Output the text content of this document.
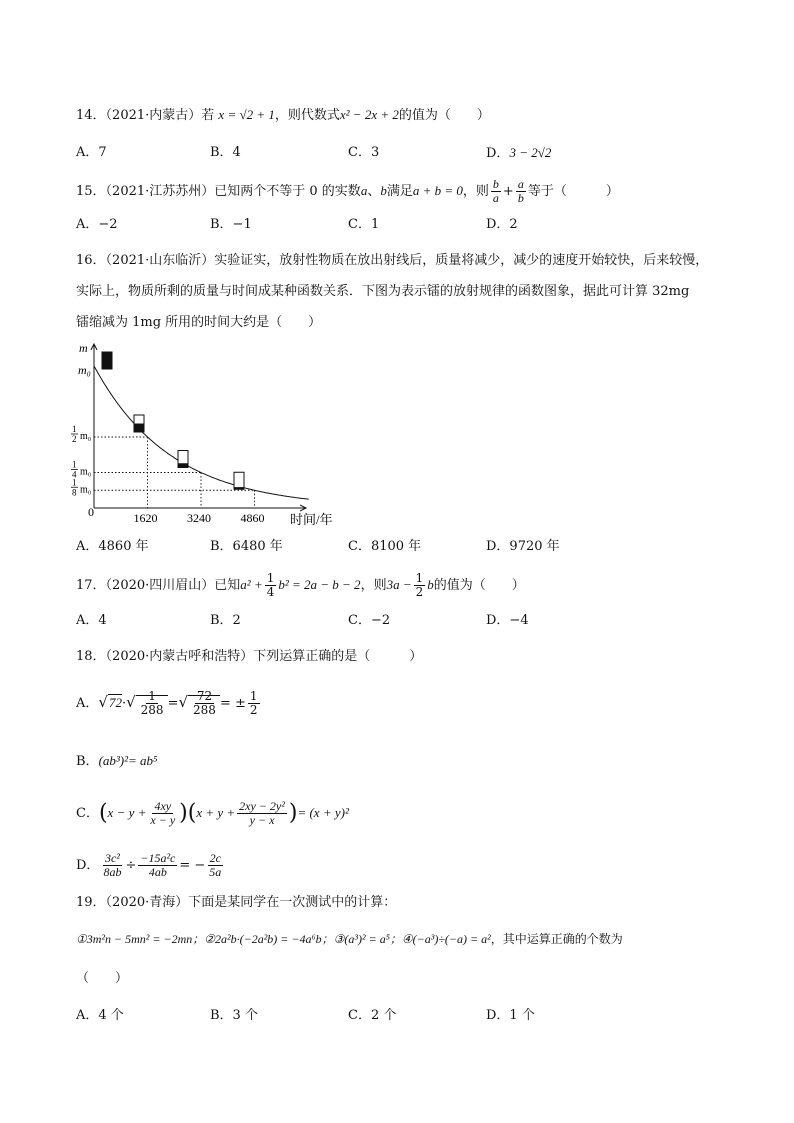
14．（2021·内蒙古）若 x = √2 + 1，则代数式x² − 2x + 2的值为（　　）
A．7	B．4	C．3	D．3 − 2√2
15．（2021·江苏苏州）已知两个不等于 0 的实数a、b满足a + b = 0，则 $\frac{b}{a} + \frac{a}{b}$ 等于（　　　）
A．−2	B．−1	C．1	D．2
16．（2021·山东临沂）实验证实，放射性物质在放出射线后，质量将减少，减少的速度开始较快，后来较慢，
实际上，物质所剩的质量与时间成某种函数关系．下图为表示镭的放射规律的函数图象，据此可计算 32mg
镭缩减为 1mg 所用的时间大约是（　　）
m
m₀
0	时间/年
1620 3240 4860
1
2 m₀
1
4 m₀
1
8 m₀
A．4860 年	B．6480 年	C．8100 年	D．9720 年
17．（2020·四川眉山）已知$a^2 + \frac{1}{4} b^2 = 2a - b - 2$，则$3a - \frac{1}{2}$ b的值为（　　）
A．4	B．2	C．−2	D．−4
18．（2020·内蒙古呼和浩特）下列运算正确的是（　　　）
A．$√72\cdot√ \frac{1}{288}$ =√ $\frac{72}{288}$ = ± $\frac{1}{2}$
B．(ab³)²= ab⁵
C．$(x - y + \frac{4xy}{x - y} )(x + y + \frac{\text{2xy − 2y²}}{y - x}$ )= (x + y)²
D． $\frac{\text{3c²}}{8ab} \div \frac{\text{−15a²c}}{4ab}$ = − $\frac{2c}{5a}$
19．（2020·青海）下面是某同学在一次测试中的计算：
①3m²n − 5mn² = −2mn；②2a²b·(−2a²b) = −4a⁶b；③(a³)² = a⁵；④(−a³)÷(−a) = a²，其中运算正确的个数为
（　　）
A．4 个	B．3 个	C．2 个	D．1 个
